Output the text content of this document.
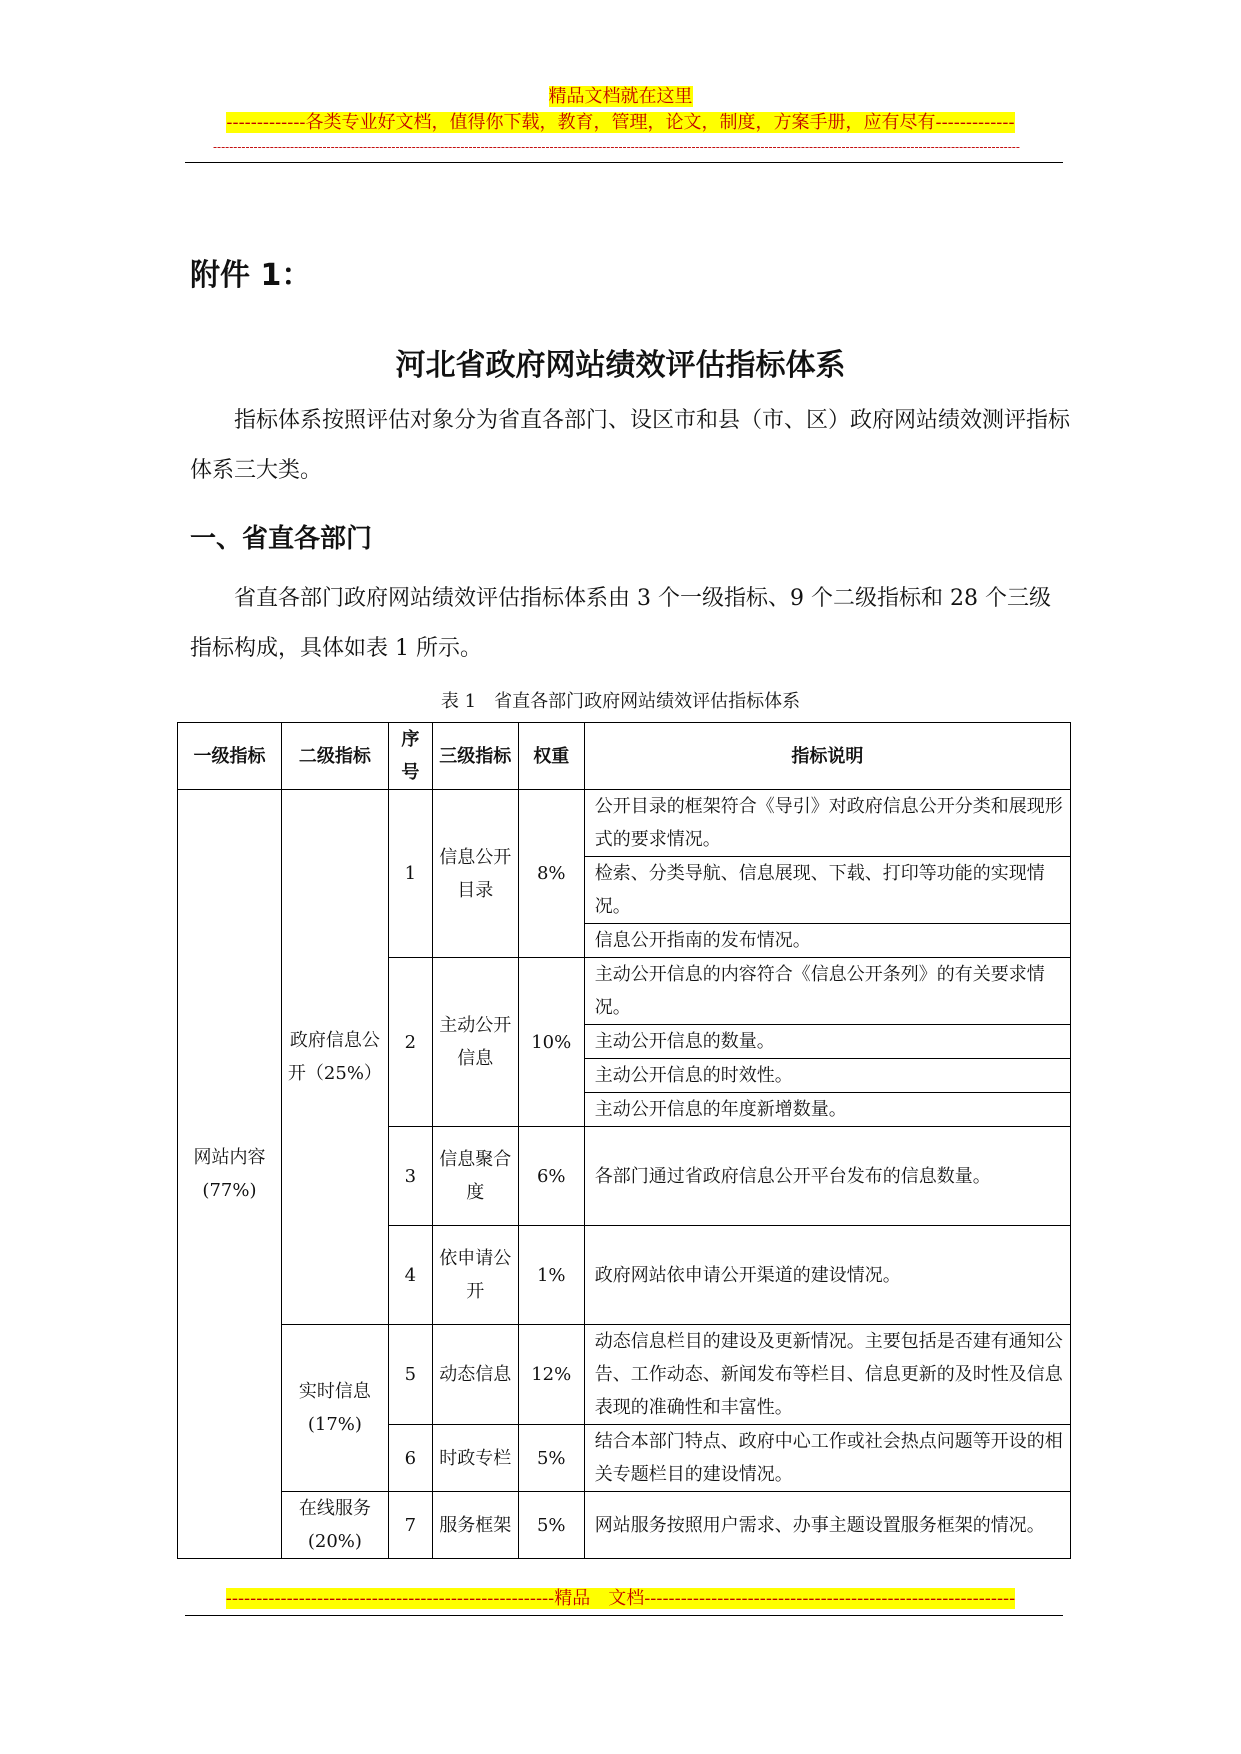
精品文档就在这里
-------------各类专业好文档，值得你下载，教育，管理，论文，制度，方案手册，应有尽有-------------
-------------------------------------------------------------------------------------------------------------------------------------------------------------------------------------------------------
附件 1：
河北省政府网站绩效评估指标体系

指标体系按照评估对象分为省直各部门、设区市和县（市、区）政府网站绩效测评指标体系三大类。

一、省直各部门

省直各部门政府网站绩效评估指标体系由 3 个一级指标、9 个二级指标和 28 个三级指标构成，具体如表 1 所示。

表 1　省直各部门政府网站绩效评估指标体系
一级指标	二级指标	序号	三级指标	权重	指标说明
网站内容(77%)	政府信息公开（25%）	1	信息公开目录	8%	公开目录的框架符合《导引》对政府信息公开分类和展现形式的要求情况。
					检索、分类导航、信息展现、下载、打印等功能的实现情况。
					信息公开指南的发布情况。
		2	主动公开信息	10%	主动公开信息的内容符合《信息公开条列》的有关要求情况。
					主动公开信息的数量。
					主动公开信息的时效性。
					主动公开信息的年度新增数量。
		3	信息聚合度	6%	各部门通过省政府信息公开平台发布的信息数量。
		4	依申请公开	1%	政府网站依申请公开渠道的建设情况。
	实时信息(17%)	5	动态信息	12%	动态信息栏目的建设及更新情况。主要包括是否建有通知公告、工作动态、新闻发布等栏目、信息更新的及时性及信息表现的准确性和丰富性。
		6	时政专栏	5%	结合本部门特点、政府中心工作或社会热点问题等开设的相关专题栏目的建设情况。
	在线服务(20%)	7	服务框架	5%	网站服务按照用户需求、办事主题设置服务框架的情况。
------------------------------------------------------精品　文档-------------------------------------------------------------
